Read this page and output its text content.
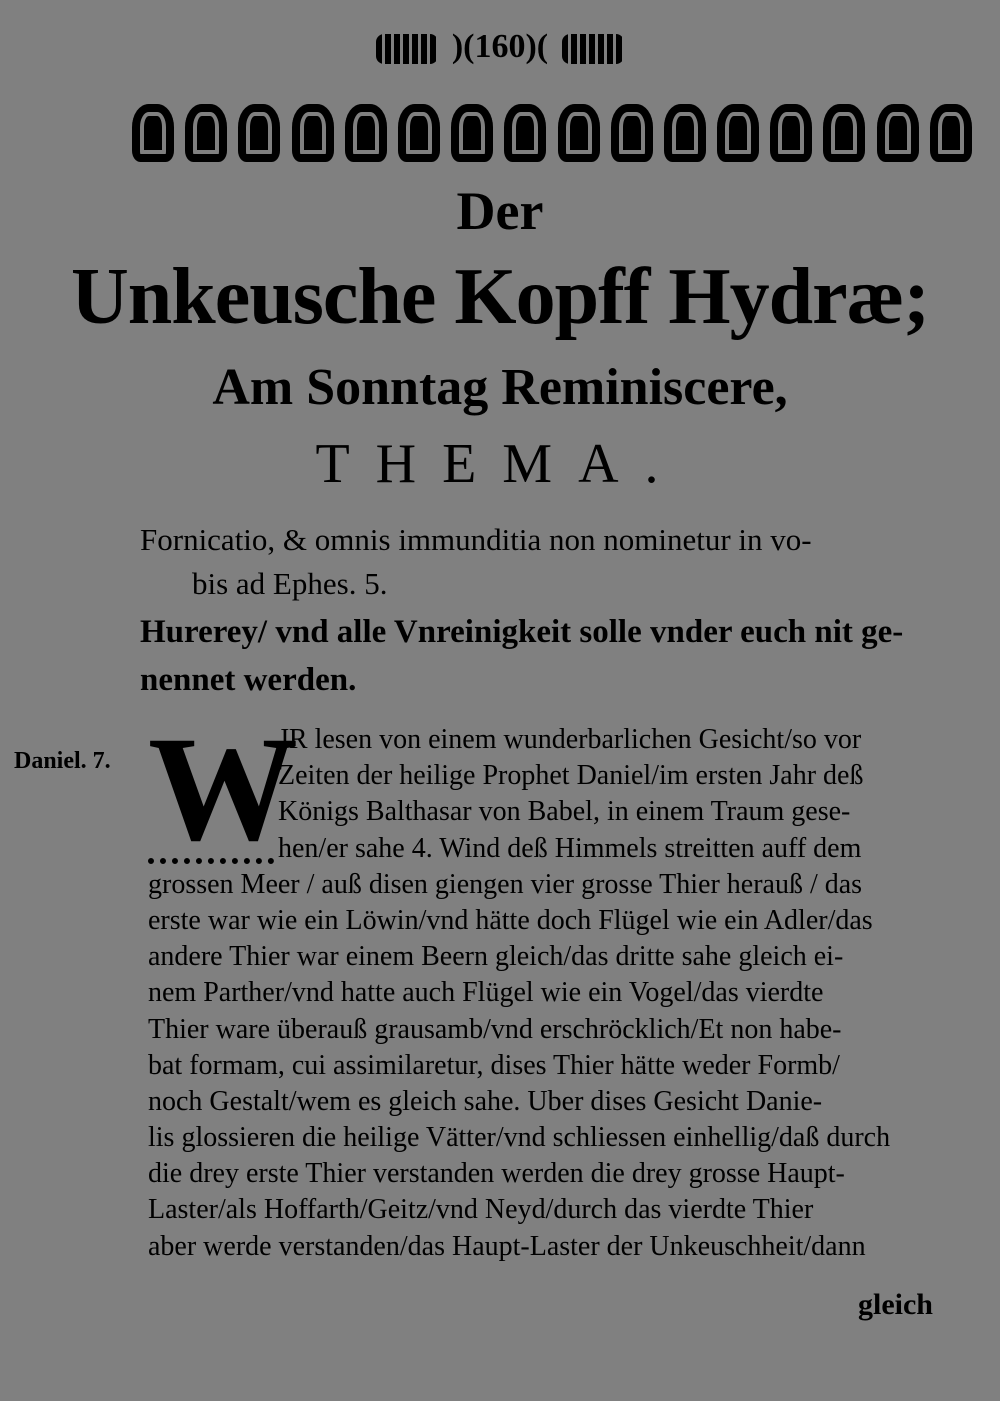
)(160)(
Der
Unkeusche Kopff Hydræ;
Am Sonntag Reminiscere,
THEMA.
Fornicatio, & omnis immunditia non nominetur in vo-
bis ad Ephes. 5.
Hurerey/ vnd alle Vnreinigkeit solle vnder euch nit ge-
nennet werden.
Daniel. 7. W
JR lesen von einem wunderbarlichen Gesicht/so vor
Zeiten der heilige Prophet Daniel/im ersten Jahr deß
Königs Balthasar von Babel, in einem Traum gese-
hen/er sahe 4. Wind deß Himmels streitten auff dem
grossen Meer / auß disen giengen vier grosse Thier herauß / das
erste war wie ein Löwin/vnd hätte doch Flügel wie ein Adler/das
andere Thier war einem Beern gleich/das dritte sahe gleich ei-
nem Parther/vnd hatte auch Flügel wie ein Vogel/das vierdte
Thier ware überauß grausamb/vnd erschröcklich/Et non habe-
bat formam, cui assimilaretur, dises Thier hätte weder Formb/
noch Gestalt/wem es gleich sahe. Uber dises Gesicht Danie-
lis glossieren die heilige Vätter/vnd schliessen einhellig/daß durch
die drey erste Thier verstanden werden die drey grosse Haupt-
Laster/als Hoffarth/Geitz/vnd Neyd/durch das vierdte Thier
aber werde verstanden/das Haupt-Laster der Unkeuschheit/dann
gleich
